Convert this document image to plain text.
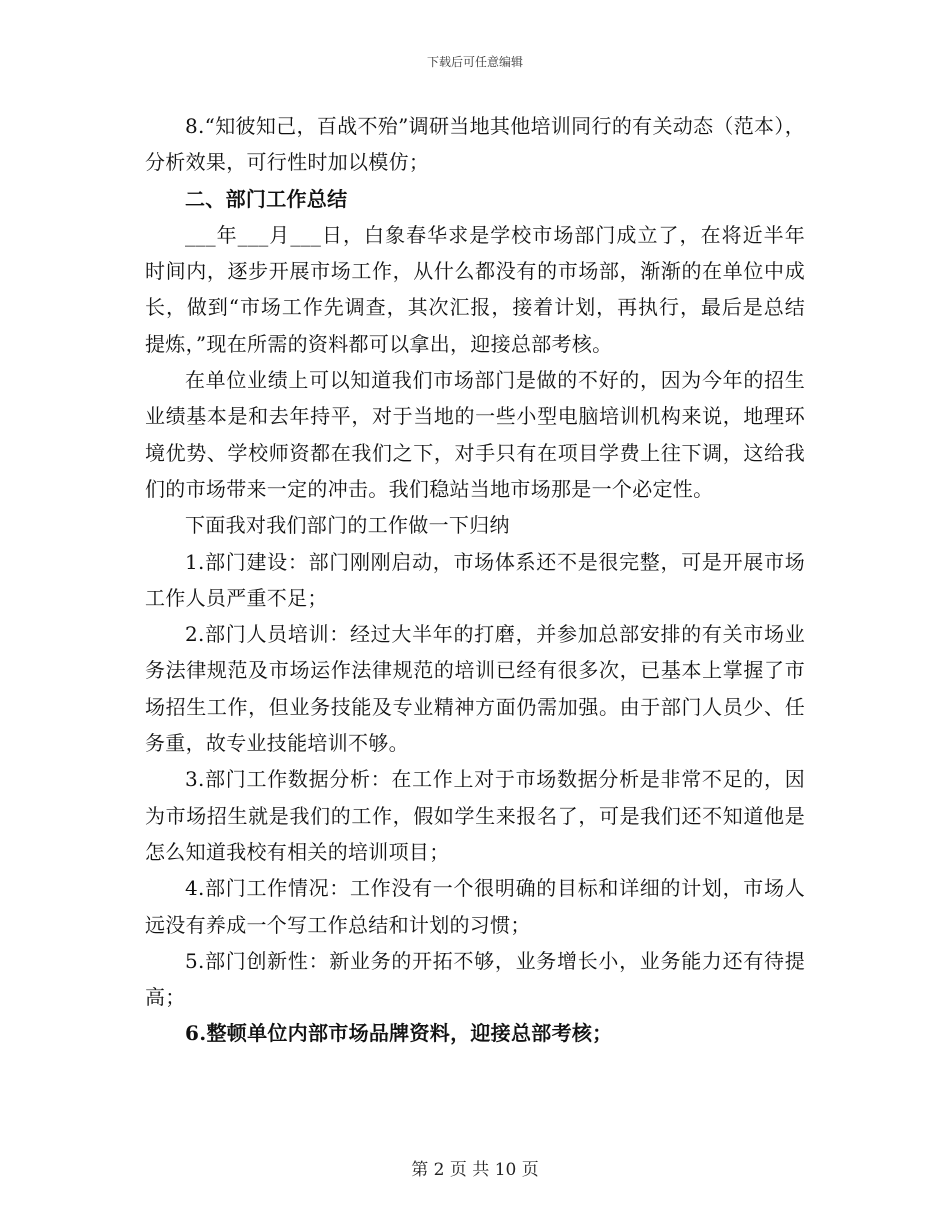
下载后可任意编辑

8.“知彼知己，百战不殆”调研当地其他培训同行的有关动态（范本），分析效果，可行性时加以模仿；

二、部门工作总结

___年___月___日，白象春华求是学校市场部门成立了，在将近半年时间内，逐步开展市场工作，从什么都没有的市场部，渐渐的在单位中成长，做到“市场工作先调查，其次汇报，接着计划，再执行，最后是总结提炼，”现在所需的资料都可以拿出，迎接总部考核。

在单位业绩上可以知道我们市场部门是做的不好的，因为今年的招生业绩基本是和去年持平，对于当地的一些小型电脑培训机构来说，地理环境优势、学校师资都在我们之下，对手只有在项目学费上往下调，这给我们的市场带来一定的冲击。我们稳站当地市场那是一个必定性。

下面我对我们部门的工作做一下归纳

1.部门建设：部门刚刚启动，市场体系还不是很完整，可是开展市场工作人员严重不足；

2.部门人员培训：经过大半年的打磨，并参加总部安排的有关市场业务法律规范及市场运作法律规范的培训已经有很多次，已基本上掌握了市场招生工作，但业务技能及专业精神方面仍需加强。由于部门人员少、任务重，故专业技能培训不够。

3.部门工作数据分析：在工作上对于市场数据分析是非常不足的，因为市场招生就是我们的工作，假如学生来报名了，可是我们还不知道他是怎么知道我校有相关的培训项目；

4.部门工作情况：工作没有一个很明确的目标和详细的计划，市场人远没有养成一个写工作总结和计划的习惯；

5.部门创新性：新业务的开拓不够，业务增长小，业务能力还有待提高；

6.整顿单位内部市场品牌资料，迎接总部考核；

第 2 页 共 10 页
